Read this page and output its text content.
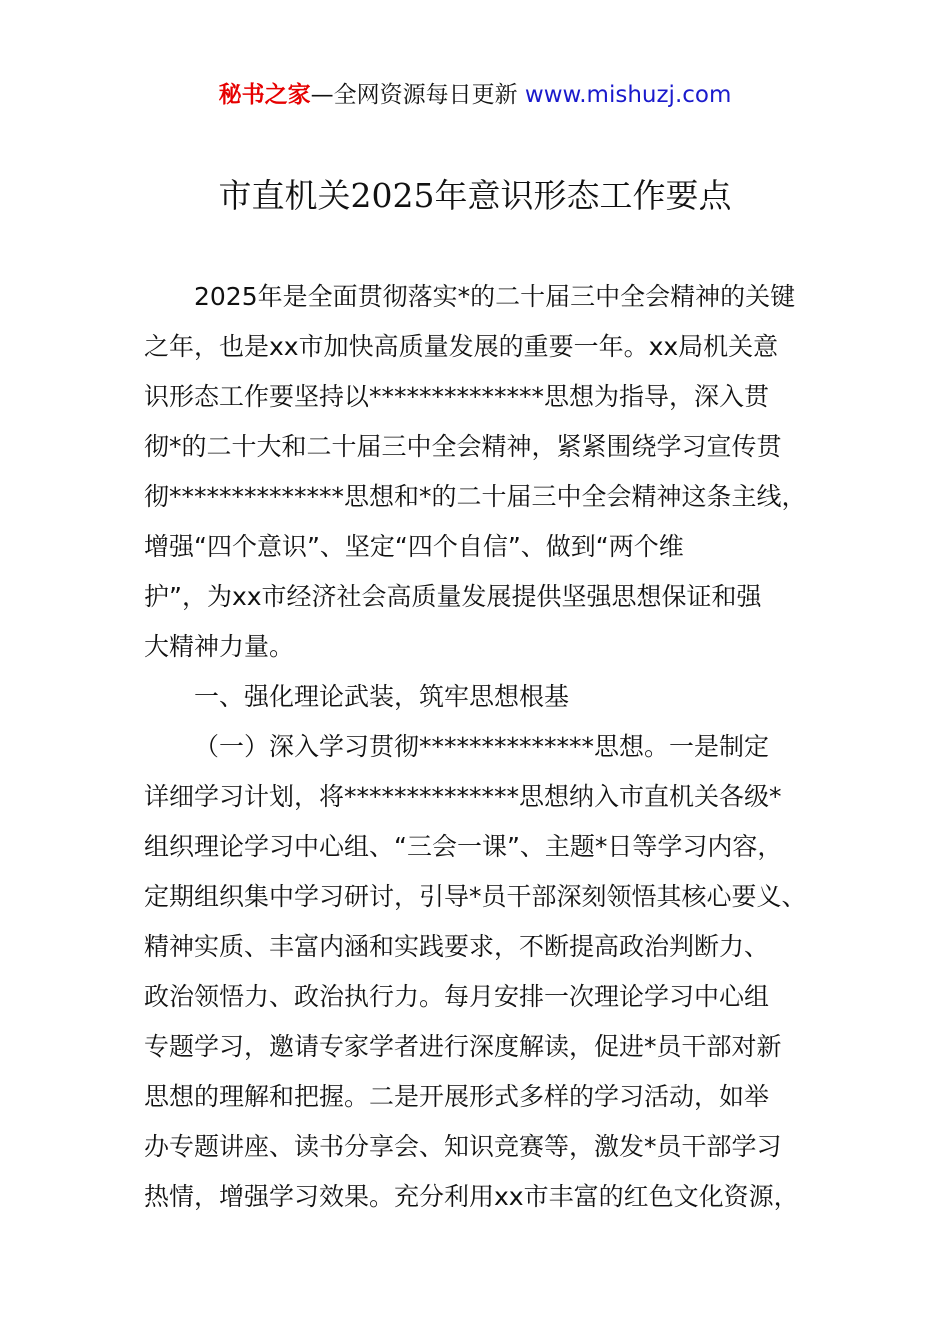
秘书之家—全网资源每日更新 www.mishuzj.com
市直机关2025年意识形态工作要点
2025年是全面贯彻落实*的二十届三中全会精神的关键
之年，也是xx市加快高质量发展的重要一年。xx局机关意
识形态工作要坚持以**************思想为指导，深入贯
彻*的二十大和二十届三中全会精神，紧紧围绕学习宣传贯
彻**************思想和*的二十届三中全会精神这条主线，
增强“四个意识”、坚定“四个自信”、做到“两个维
护”，为xx市经济社会高质量发展提供坚强思想保证和强
大精神力量。
一、强化理论武装，筑牢思想根基
（一）深入学习贯彻**************思想。一是制定
详细学习计划，将**************思想纳入市直机关各级*
组织理论学习中心组、“三会一课”、主题*日等学习内容，
定期组织集中学习研讨，引导*员干部深刻领悟其核心要义、
精神实质、丰富内涵和实践要求，不断提高政治判断力、
政治领悟力、政治执行力。每月安排一次理论学习中心组
专题学习，邀请专家学者进行深度解读，促进*员干部对新
思想的理解和把握。二是开展形式多样的学习活动，如举
办专题讲座、读书分享会、知识竞赛等，激发*员干部学习
热情，增强学习效果。充分利用xx市丰富的红色文化资源，
